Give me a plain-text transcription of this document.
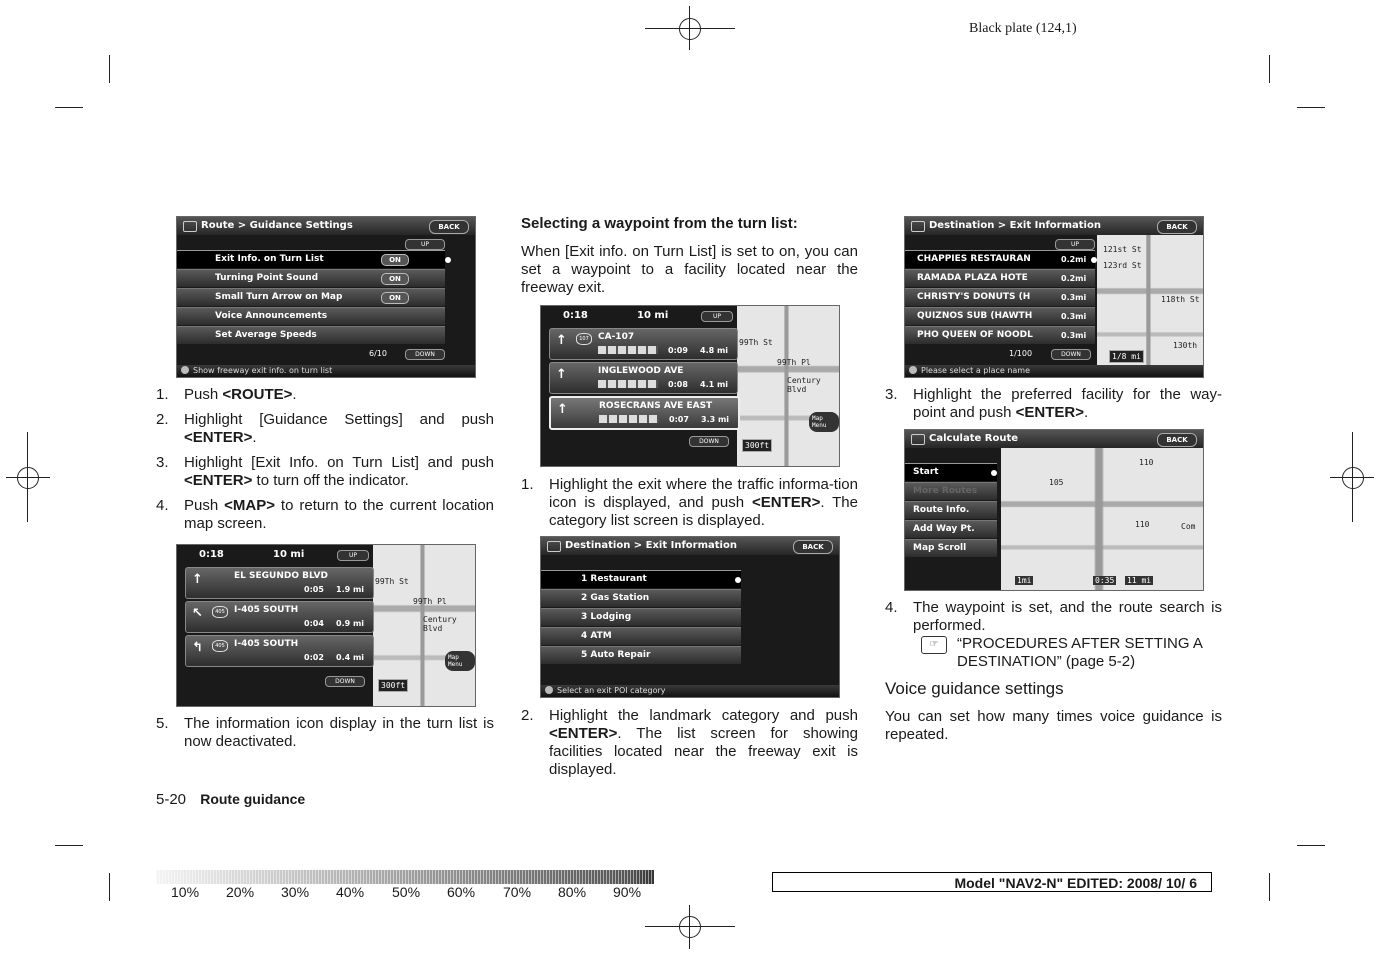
Black plate (124,1)
Route > Guidance Settings	BACK
UP
Exit Info. on Turn List	ON
Turning Point Sound	ON
Small Turn Arrow on Map	ON
Voice Announcements
Set Average Speeds
6/10	DOWN
Show freeway exit info. on turn list
1. Push <ROUTE>.
2. Highlight [Guidance Settings] and push <ENTER>.
3. Highlight [Exit Info. on Turn List] and push <ENTER> to turn off the indicator.
4. Push <MAP> to return to the current location map screen.
99Th St
99Th Pl
Century Blvd
Map Menu
0:18	10 mi	UP
↑	EL SEGUNDO BLVD
0:05 1.9 mi
↖	405	I-405 SOUTH
0:04 0.9 mi
↰	405	I-405 SOUTH
0:02 0.4 mi
DOWN	300ft
5. The information icon display in the turn list is now deactivated.

Selecting a waypoint from the turn list:

When [Exit info. on Turn List] is set to on, you can set a waypoint to a facility located near the freeway exit.

99Th St
99Th Pl
Century Blvd
Map Menu
0:18	10 mi	UP
↑	107	CA-107
0:09 4.8 mi
↑	INGLEWOOD AVE
0:08 4.1 mi
↑	ROSECRANS AVE EAST
0:07 3.3 mi
DOWN	300ft
1. Highlight the exit where the traffic informa-tion icon is displayed, and push <ENTER>. The category list screen is displayed.
Destination > Exit Information	BACK
1 Restaurant
2 Gas Station
3 Lodging
4 ATM
5 Auto Repair
Select an exit POI category
2. Highlight the landmark category and push <ENTER>. The list screen for showing facilities located near the freeway exit is displayed.
121st St
123rd St
118th St
130th
Destination > Exit Information	BACK
UP
CHAPPIES RESTAURAN	0.2mi
RAMADA PLAZA HOTE	0.2mi
CHRISTY'S DONUTS (H	0.3mi
QUIZNOS SUB (HAWTH	0.3mi
PHO QUEEN OF NOODL	0.3mi
1/100	DOWN	1/8 mi
Please select a place name
3. Highlight the preferred facility for the way-point and push <ENTER>.
110
105
110	Com
1mi	0:35 11 mi
Calculate Route	BACK
Start
More Routes
Route Info.
Add Way Pt.
Map Scroll
4. The waypoint is set, and the route search is performed.
☞	“PROCEDURES AFTER SETTING A DESTINATION” (page 5-2)

Voice guidance settings

You can set how many times voice guidance is repeated.

5-20 Route guidance
10% 20% 30% 40% 50% 60% 70% 80% 90%
Model "NAV2-N" EDITED: 2008/ 10/ 6
